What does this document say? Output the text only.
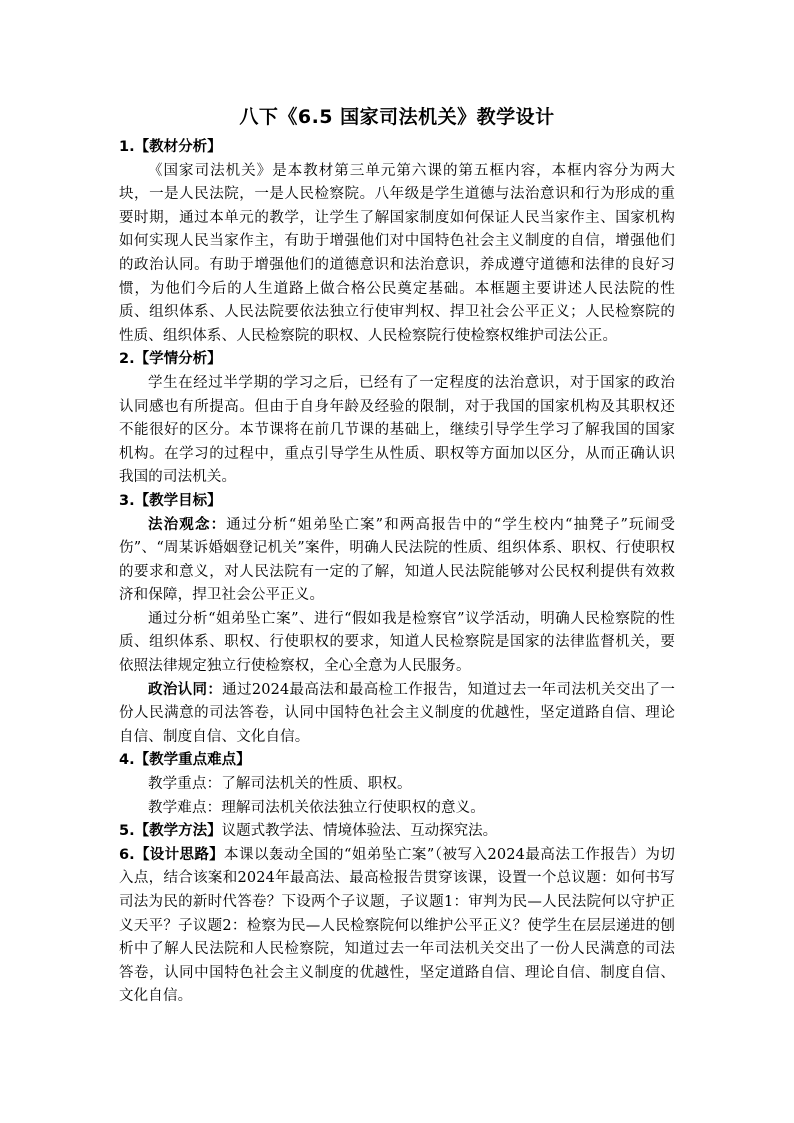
八下《6.5 国家司法机关》教学设计

1.【教材分析】

《国家司法机关》是本教材第三单元第六课的第五框内容，本框内容分为两大块，一是人民法院，一是人民检察院。八年级是学生道德与法治意识和行为形成的重要时期，通过本单元的教学，让学生了解国家制度如何保证人民当家作主、国家机构如何实现人民当家作主，有助于增强他们对中国特色社会主义制度的自信，增强他们的政治认同。有助于增强他们的道德意识和法治意识，养成遵守道德和法律的良好习惯，为他们今后的人生道路上做合格公民奠定基础。本框题主要讲述人民法院的性质、组织体系、人民法院要依法独立行使审判权、捍卫社会公平正义；人民检察院的性质、组织体系、人民检察院的职权、人民检察院行使检察权维护司法公正。

2.【学情分析】

学生在经过半学期的学习之后，已经有了一定程度的法治意识，对于国家的政治认同感也有所提高。但由于自身年龄及经验的限制，对于我国的国家机构及其职权还不能很好的区分。本节课将在前几节课的基础上，继续引导学生学习了解我国的国家机构。在学习的过程中，重点引导学生从性质、职权等方面加以区分，从而正确认识我国的司法机关。

3.【教学目标】

法治观念：通过分析“姐弟坠亡案”和两高报告中的“学生校内“抽凳子”玩闹受伤”、“周某诉婚姻登记机关”案件，明确人民法院的性质、组织体系、职权、行使职权的要求和意义，对人民法院有一定的了解，知道人民法院能够对公民权利提供有效救济和保障，捍卫社会公平正义。

通过分析“姐弟坠亡案”、进行“假如我是检察官”议学活动，明确人民检察院的性质、组织体系、职权、行使职权的要求，知道人民检察院是国家的法律监督机关，要依照法律规定独立行使检察权，全心全意为人民服务。

政治认同：通过2024最高法和最高检工作报告，知道过去一年司法机关交出了一份人民满意的司法答卷，认同中国特色社会主义制度的优越性，坚定道路自信、理论自信、制度自信、文化自信。

4.【教学重点难点】

教学重点：了解司法机关的性质、职权。

教学难点：理解司法机关依法独立行使职权的意义。

5.【教学方法】议题式教学法、情境体验法、互动探究法。

6.【设计思路】本课以轰动全国的“姐弟坠亡案”（被写入2024最高法工作报告）为切入点，结合该案和2024年最高法、最高检报告贯穿该课，设置一个总议题：如何书写司法为民的新时代答卷？下设两个子议题，子议题1：审判为民—人民法院何以守护正义天平？子议题2：检察为民—人民检察院何以维护公平正义？使学生在层层递进的刨析中了解人民法院和人民检察院，知道过去一年司法机关交出了一份人民满意的司法答卷，认同中国特色社会主义制度的优越性，坚定道路自信、理论自信、制度自信、文化自信。
